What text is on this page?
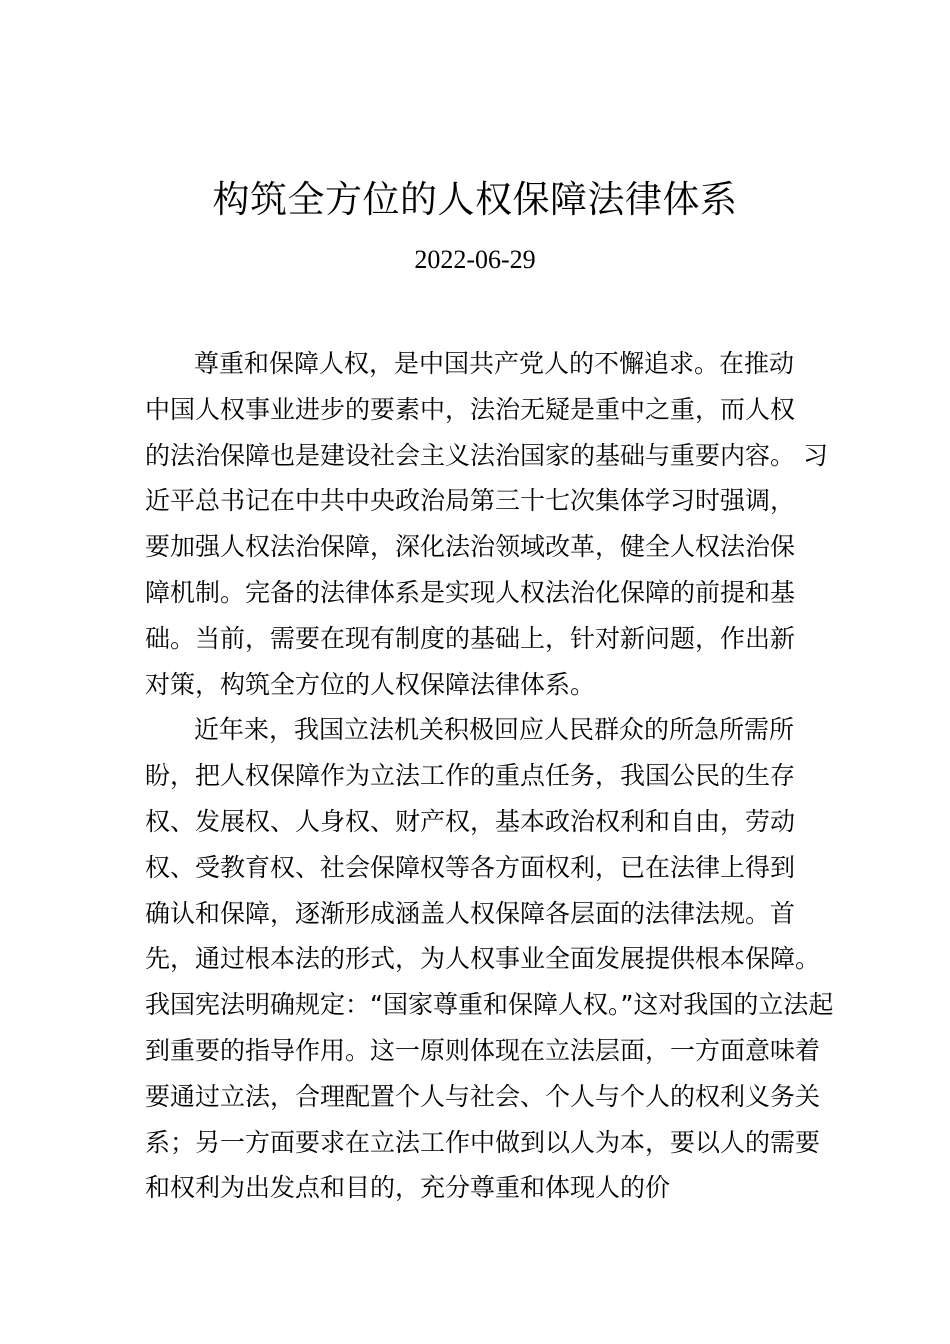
构筑全方位的人权保障法律体系
2022-06-29
尊重和保障人权，是中国共产党人的不懈追求。在推动
中国人权事业进步的要素中，法治无疑是重中之重，而人权
的法治保障也是建设社会主义法治国家的基础与重要内容。 习
近平总书记在中共中央政治局第三十七次集体学习时强调，
要加强人权法治保障，深化法治领域改革，健全人权法治保
障机制。完备的法律体系是实现人权法治化保障的前提和基
础。当前，需要在现有制度的基础上，针对新问题，作出新
对策，构筑全方位的人权保障法律体系。
近年来，我国立法机关积极回应人民群众的所急所需所
盼，把人权保障作为立法工作的重点任务，我国公民的生存
权、发展权、人身权、财产权，基本政治权利和自由，劳动
权、受教育权、社会保障权等各方面权利，已在法律上得到
确认和保障，逐渐形成涵盖人权保障各层面的法律法规。首
先，通过根本法的形式，为人权事业全面发展提供根本保障。
我国宪法明确规定：“国家尊重和保障人权。”这对我国的立法起
到重要的指导作用。这一原则体现在立法层面，一方面意味着
要通过立法，合理配置个人与社会、个人与个人的权利义务关
系；另一方面要求在立法工作中做到以人为本，要以人的需要
和权利为出发点和目的，充分尊重和体现人的价
